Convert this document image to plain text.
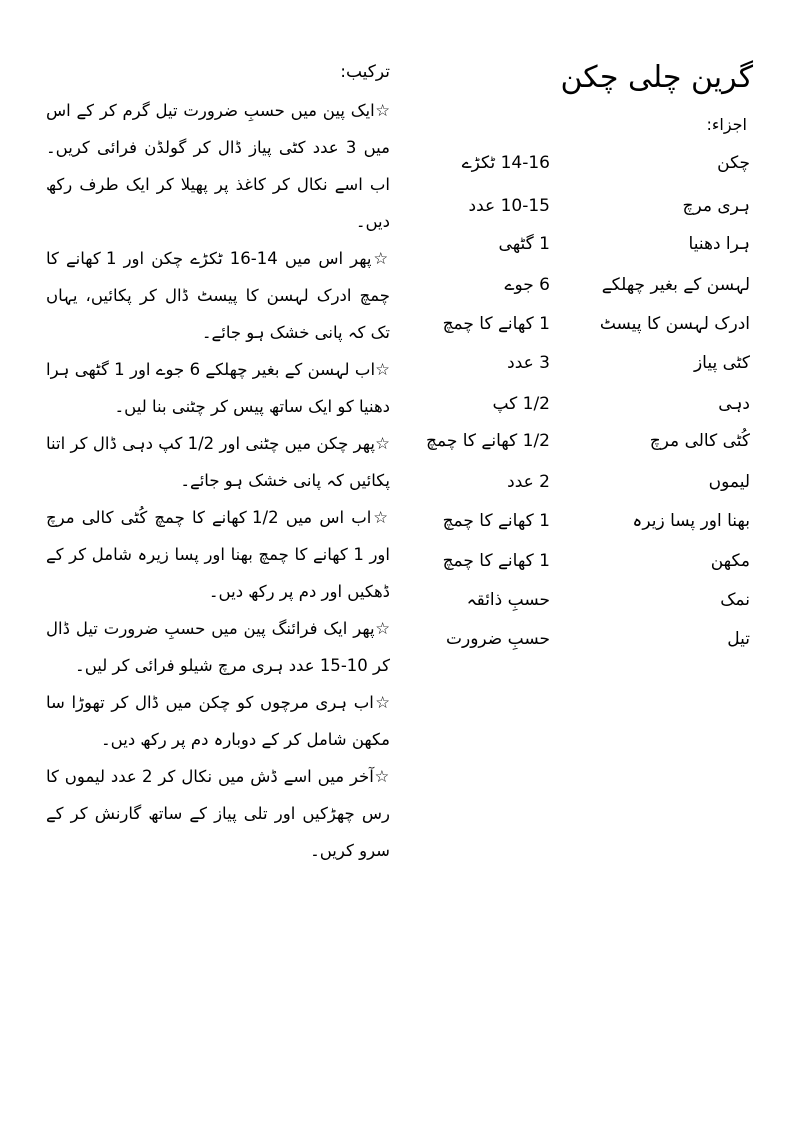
گرین چلی چکن
اجزاء:
چکن
14-16 ٹکڑے
ہری مرچ
10-15 عدد
ہرا دھنیا
1 گٹھی
لہسن کے بغیر چھلکے
6 جوے
ادرک لہسن کا پیسٹ
1 کھانے کا چمچ
کٹی پیاز
3 عدد
دہی
1/2 کپ
کُٹی کالی مرچ
1/2 کھانے کا چمچ
لیموں
2 عدد
بھنا اور پسا زیرہ
1 کھانے کا چمچ
مکھن
1 کھانے کا چمچ
نمک
حسبِ ذائقہ
تیل
حسبِ ضرورت
ترکیب:

☆ایک پین میں حسبِ ضرورت تیل گرم کر کے اس میں 3 عدد کٹی پیاز ڈال کر گولڈن فرائی کریں۔ اب اسے نکال کر کاغذ پر پھیلا کر ایک طرف رکھ دیں۔

☆پھر اس میں 14-16 ٹکڑے چکن اور 1 کھانے کا چمچ ادرک لہسن کا پیسٹ ڈال کر پکائیں، یہاں تک کہ پانی خشک ہو جائے۔

☆اب لہسن کے بغیر چھلکے 6 جوے اور 1 گٹھی ہرا دھنیا کو ایک ساتھ پیس کر چٹنی بنا لیں۔

☆پھر چکن میں چٹنی اور 1/2 کپ دہی ڈال کر اتنا پکائیں کہ پانی خشک ہو جائے۔

☆اب اس میں 1/2 کھانے کا چمچ کُٹی کالی مرچ اور 1 کھانے کا چمچ بھنا اور پسا زیرہ شامل کر کے ڈھکیں اور دم پر رکھ دیں۔

☆پھر ایک فرائنگ پین میں حسبِ ضرورت تیل ڈال کر 10-15 عدد ہری مرچ شیلو فرائی کر لیں۔

☆اب ہری مرچوں کو چکن میں ڈال کر تھوڑا سا مکھن شامل کر کے دوبارہ دم پر رکھ دیں۔

☆آخر میں اسے ڈش میں نکال کر 2 عدد لیموں کا رس چھڑکیں اور تلی پیاز کے ساتھ گارنش کر کے سرو کریں۔
